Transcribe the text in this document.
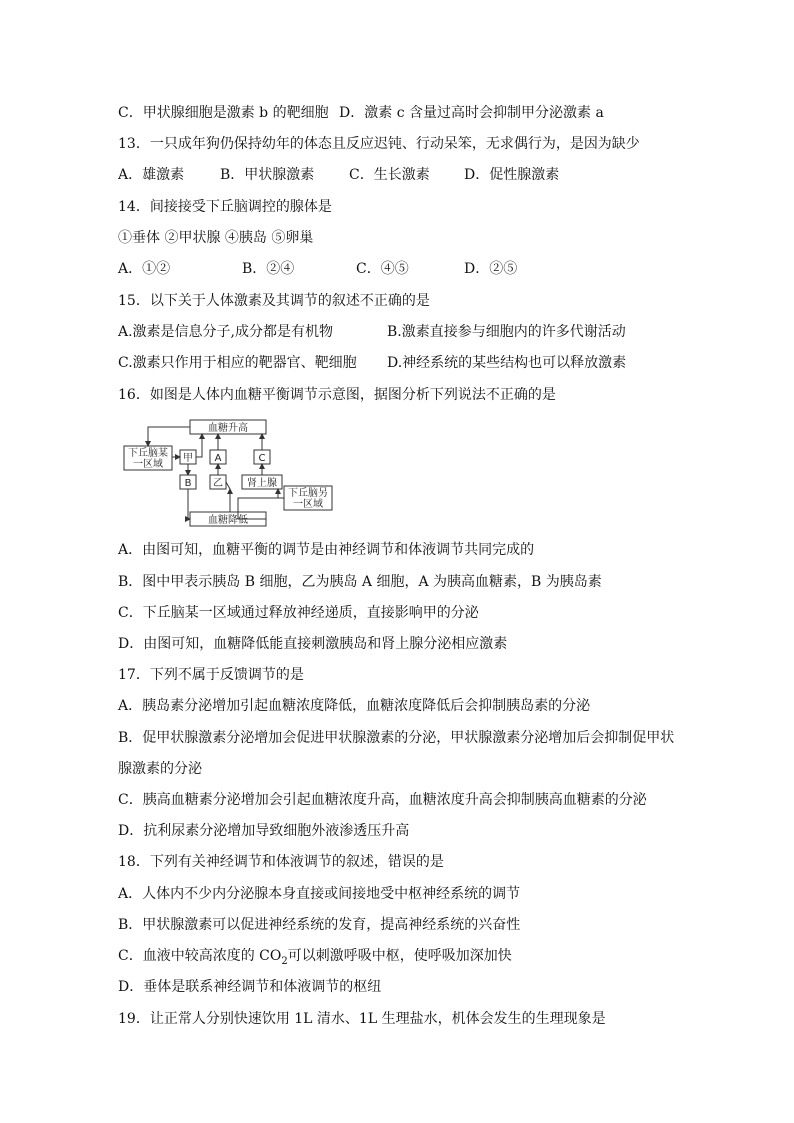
C．甲状腺细胞是激素 b 的靶细胞 D．激素 c 含量过高时会抑制甲分泌激素 a
13．一只成年狗仍保持幼年的体态且反应迟钝、行动呆笨，无求偶行为，是因为缺少
A．雄激素	B．甲状腺激素 C．生长激素 D．促性腺激素
14．间接接受下丘脑调控的腺体是
①垂体 ②甲状腺 ④胰岛 ⑤卵巢
A．①②	B．②④	C．④⑤	D．②⑤
15．以下关于人体激素及其调节的叙述不正确的是
A.激素是信息分子,成分都是有机物	B.激素直接参与细胞内的许多代谢活动
C.激素只作用于相应的靶器官、靶细胞 D.神经系统的某些结构也可以释放激素
16．如图是人体内血糖平衡调节示意图，据图分析下列说法不正确的是
血糖升高
血糖降低
下丘脑某
一区域
下丘脑另
一区域
甲
B
A
乙
C
肾上腺
A．由图可知，血糖平衡的调节是由神经调节和体液调节共同完成的
B．图中甲表示胰岛 B 细胞，乙为胰岛 A 细胞，A 为胰高血糖素，B 为胰岛素
C．下丘脑某一区域通过释放神经递质，直接影响甲的分泌
D．由图可知，血糖降低能直接刺激胰岛和肾上腺分泌相应激素
17．下列不属于反馈调节的是
A．胰岛素分泌增加引起血糖浓度降低，血糖浓度降低后会抑制胰岛素的分泌
B．促甲状腺激素分泌增加会促进甲状腺激素的分泌，甲状腺激素分泌增加后会抑制促甲状
腺激素的分泌
C．胰高血糖素分泌增加会引起血糖浓度升高，血糖浓度升高会抑制胰高血糖素的分泌
D．抗利尿素分泌增加导致细胞外液渗透压升高
18．下列有关神经调节和体液调节的叙述，错误的是
A．人体内不少内分泌腺本身直接或间接地受中枢神经系统的调节
B．甲状腺激素可以促进神经系统的发育，提高神经系统的兴奋性
C．血液中较高浓度的 $CO_2$可以刺激呼吸中枢，使呼吸加深加快
D．垂体是联系神经调节和体液调节的枢纽
19．让正常人分别快速饮用 1L 清水、1L 生理盐水，机体会发生的生理现象是
